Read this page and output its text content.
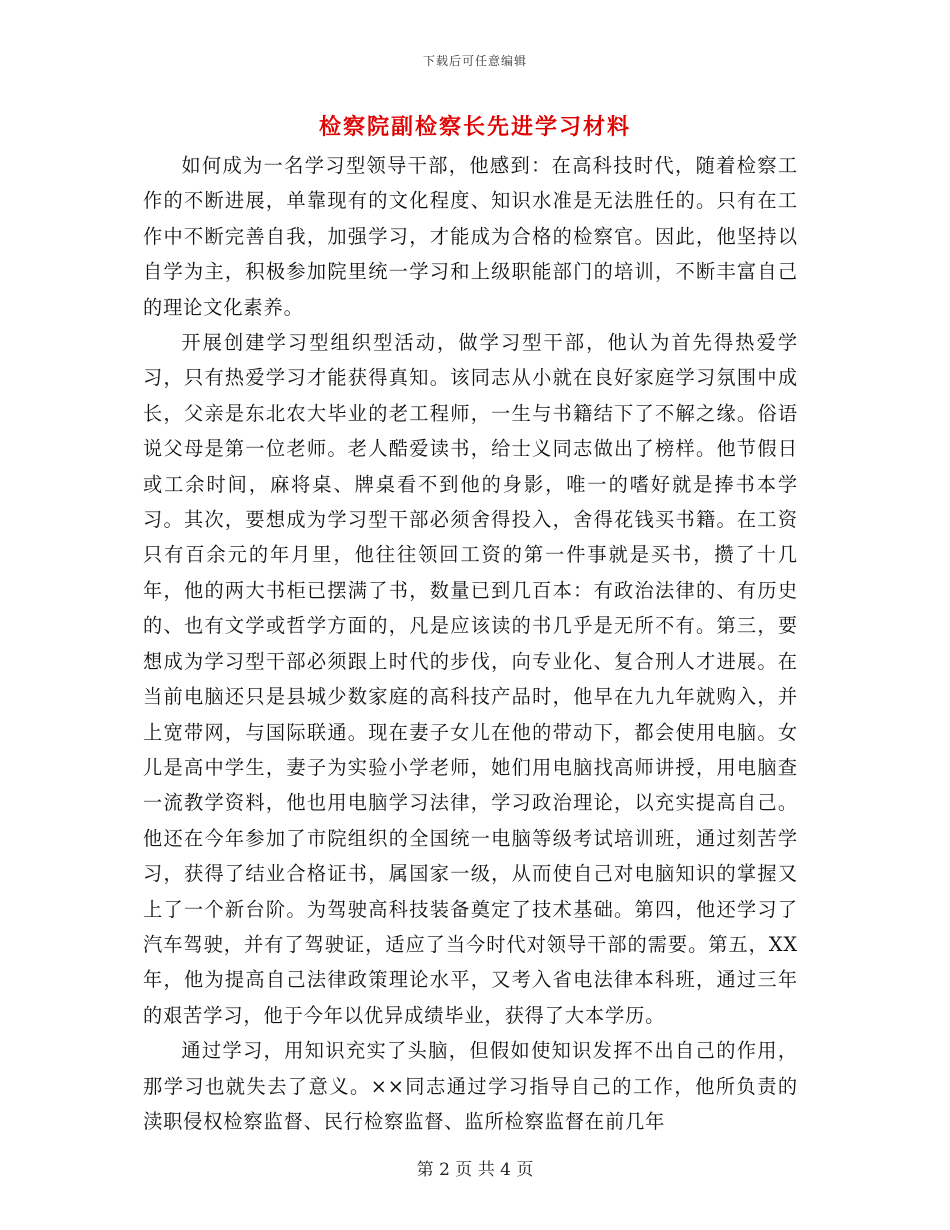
下载后可任意编辑
检察院副检察长先进学习材料

如何成为一名学习型领导干部，他感到：在高科技时代，随着检察工作的不断进展，单靠现有的文化程度、知识水准是无法胜任的。只有在工作中不断完善自我，加强学习，才能成为合格的检察官。因此，他坚持以自学为主，积极参加院里统一学习和上级职能部门的培训，不断丰富自己的理论文化素养。

开展创建学习型组织型活动，做学习型干部，他认为首先得热爱学习，只有热爱学习才能获得真知。该同志从小就在良好家庭学习氛围中成长，父亲是东北农大毕业的老工程师，一生与书籍结下了不解之缘。俗语说父母是第一位老师。老人酷爱读书，给士义同志做出了榜样。他节假日或工余时间，麻将桌、牌桌看不到他的身影，唯一的嗜好就是捧书本学习。其次，要想成为学习型干部必须舍得投入，舍得花钱买书籍。在工资只有百余元的年月里，他往往领回工资的第一件事就是买书，攒了十几年，他的两大书柜已摆满了书，数量已到几百本：有政治法律的、有历史的、也有文学或哲学方面的，凡是应该读的书几乎是无所不有。第三，要想成为学习型干部必须跟上时代的步伐，向专业化、复合刑人才进展。在当前电脑还只是县城少数家庭的高科技产品时，他早在九九年就购入，并上宽带网，与国际联通。现在妻子女儿在他的带动下，都会使用电脑。女儿是高中学生，妻子为实验小学老师，她们用电脑找高师讲授，用电脑查一流教学资料，他也用电脑学习法律，学习政治理论，以充实提高自己。他还在今年参加了市院组织的全国统一电脑等级考试培训班，通过刻苦学习，获得了结业合格证书，属国家一级，从而使自己对电脑知识的掌握又上了一个新台阶。为驾驶高科技装备奠定了技术基础。第四，他还学习了汽车驾驶，并有了驾驶证，适应了当今时代对领导干部的需要。第五，XX年，他为提高自己法律政策理论水平，又考入省电法律本科班，通过三年的艰苦学习，他于今年以优异成绩毕业，获得了大本学历。

通过学习，用知识充实了头脑，但假如使知识发挥不出自己的作用，那学习也就失去了意义。××同志通过学习指导自己的工作，他所负责的渎职侵权检察监督、民行检察监督、监所检察监督在前几年

第 2 页 共 4 页
